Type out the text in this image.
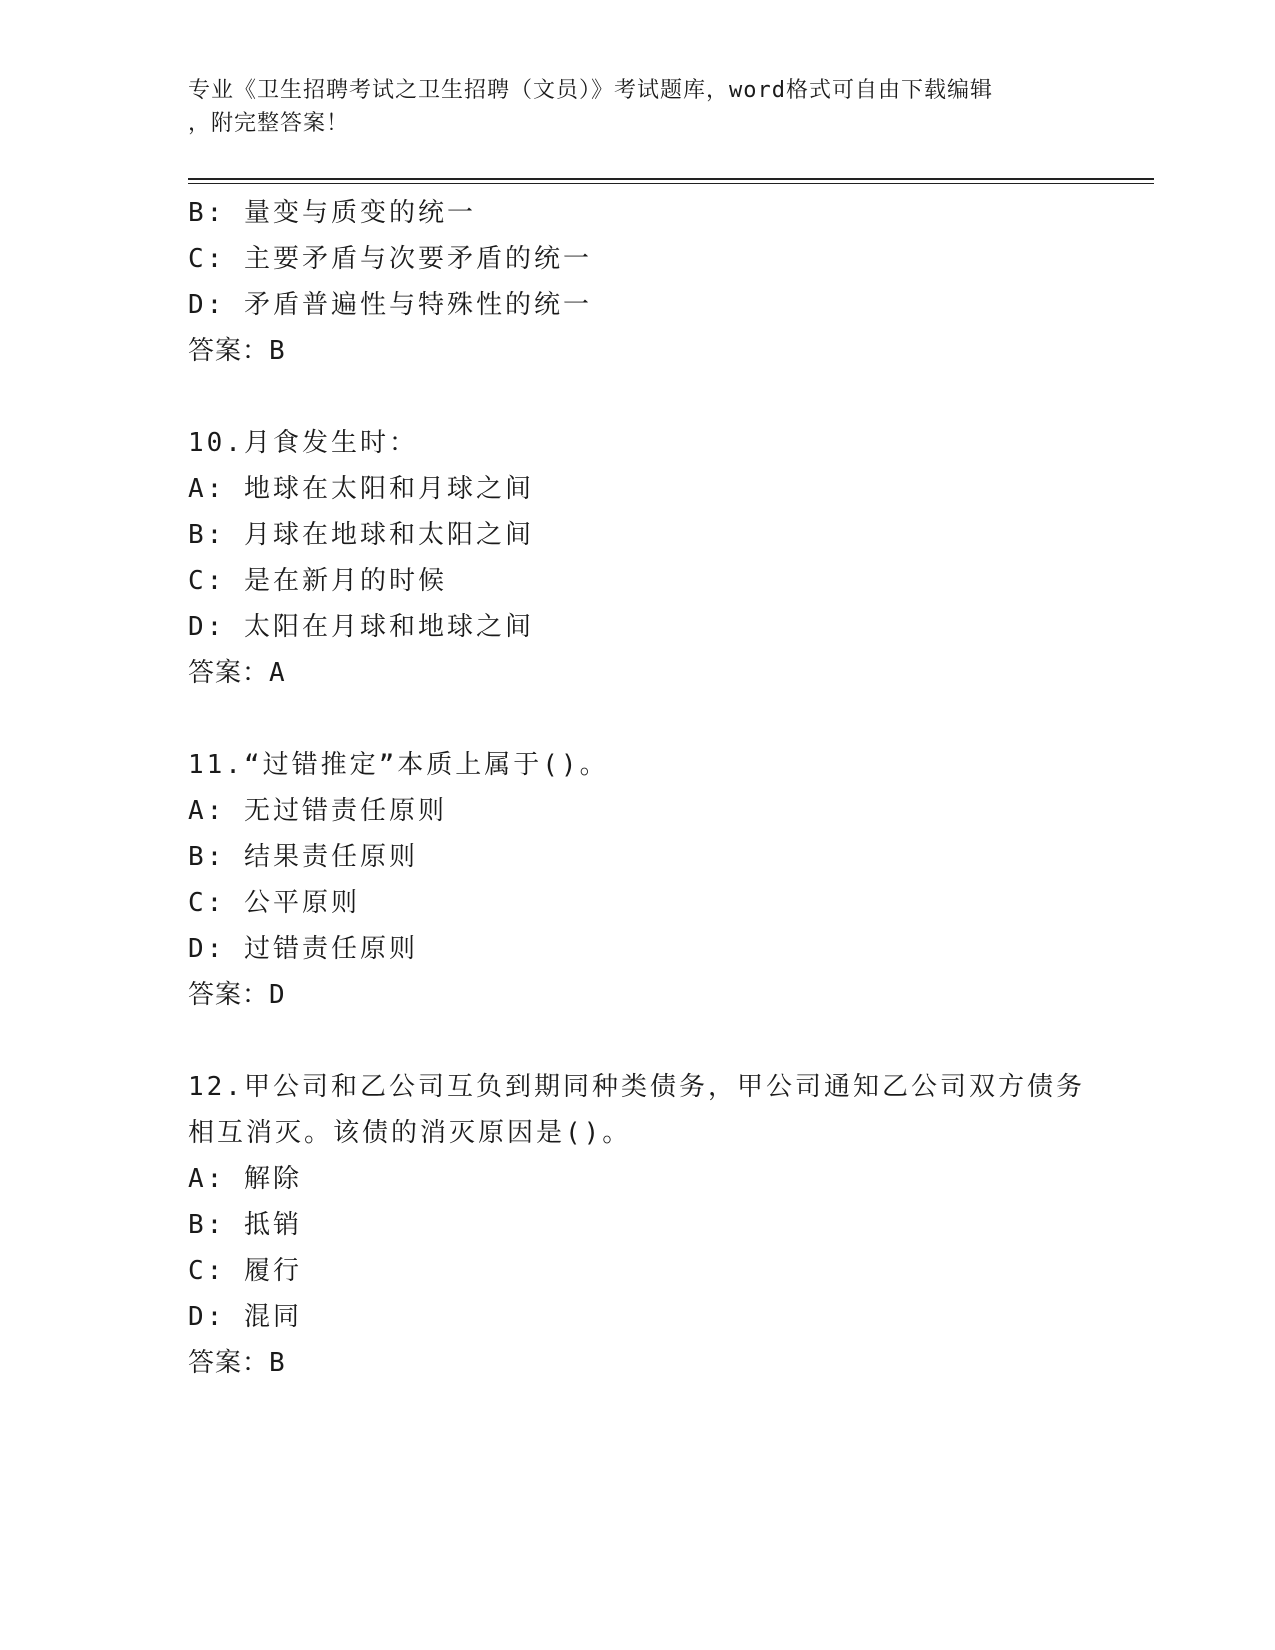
专业《卫生招聘考试之卫生招聘（文员）》考试题库，word格式可自由下载编辑
，附完整答案！
B: 量变与质变的统一
C: 主要矛盾与次要矛盾的统一
D: 矛盾普遍性与特殊性的统一
答案：B
10.月食发生时：
A: 地球在太阳和月球之间
B: 月球在地球和太阳之间
C: 是在新月的时候
D: 太阳在月球和地球之间
答案：A
11.“过错推定”本质上属于()。
A: 无过错责任原则
B: 结果责任原则
C: 公平原则
D: 过错责任原则
答案：D
12.甲公司和乙公司互负到期同种类债务，甲公司通知乙公司双方债务
相互消灭。该债的消灭原因是()。
A: 解除
B: 抵销
C: 履行
D: 混同
答案：B
